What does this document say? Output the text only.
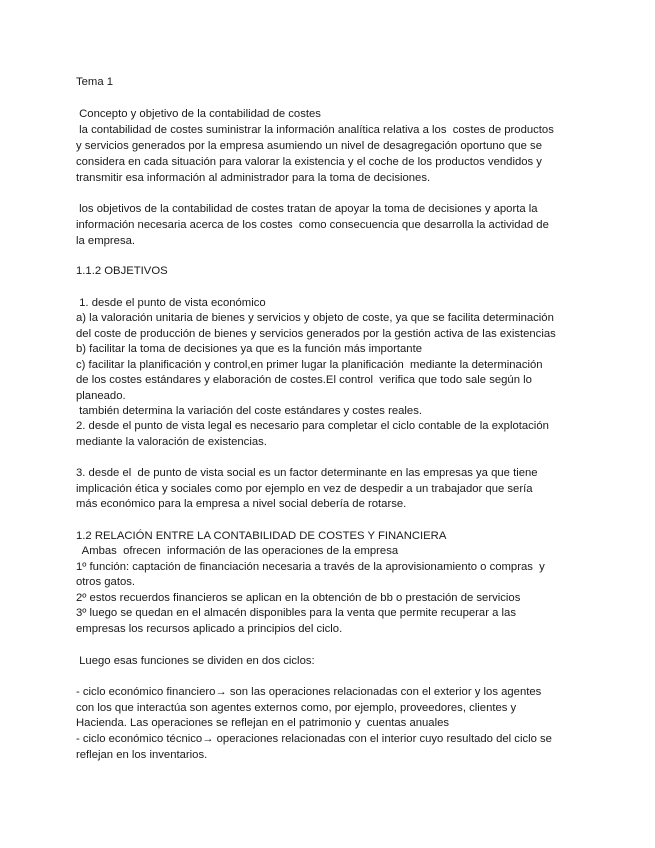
Tema 1
Concepto y objetivo de la contabilidad de costes
la contabilidad de costes suministrar la información analítica relativa a los  costes de productos
y servicios generados por la empresa asumiendo un nivel de desagregación oportuno que se
considera en cada situación para valorar la existencia y el coche de los productos vendidos y
transmitir esa información al administrador para la toma de decisiones.
los objetivos de la contabilidad de costes tratan de apoyar la toma de decisiones y aporta la
información necesaria acerca de los costes  como consecuencia que desarrolla la actividad de
la empresa.
1.1.2 OBJETIVOS
1. desde el punto de vista económico
a) la valoración unitaria de bienes y servicios y objeto de coste, ya que se facilita determinación
del coste de producción de bienes y servicios generados por la gestión activa de las existencias
b) facilitar la toma de decisiones ya que es la función más importante
c) facilitar la planificación y control,en primer lugar la planificación  mediante la determinación
de los costes estándares y elaboración de costes.El control  verifica que todo sale según lo
planeado.
también determina la variación del coste estándares y costes reales.
2. desde el punto de vista legal es necesario para completar el ciclo contable de la explotación
mediante la valoración de existencias.
3. desde el  de punto de vista social es un factor determinante en las empresas ya que tiene
implicación ética y sociales como por ejemplo en vez de despedir a un trabajador que sería
más económico para la empresa a nivel social debería de rotarse.
1.2 RELACIÓN ENTRE LA CONTABILIDAD DE COSTES Y FINANCIERA
Ambas  ofrecen  información de las operaciones de la empresa
1º función: captación de financiación necesaria a través de la aprovisionamiento o compras  y
otros gatos.
2º estos recuerdos financieros se aplican en la obtención de bb o prestación de servicios
3º luego se quedan en el almacén disponibles para la venta que permite recuperar a las
empresas los recursos aplicado a principios del ciclo.
Luego esas funciones se dividen en dos ciclos:
- ciclo económico financiero→ son las operaciones relacionadas con el exterior y los agentes
con los que interactúa son agentes externos como, por ejemplo, proveedores, clientes y
Hacienda. Las operaciones se reflejan en el patrimonio y  cuentas anuales
- ciclo económico técnico→ operaciones relacionadas con el interior cuyo resultado del ciclo se
reflejan en los inventarios.
